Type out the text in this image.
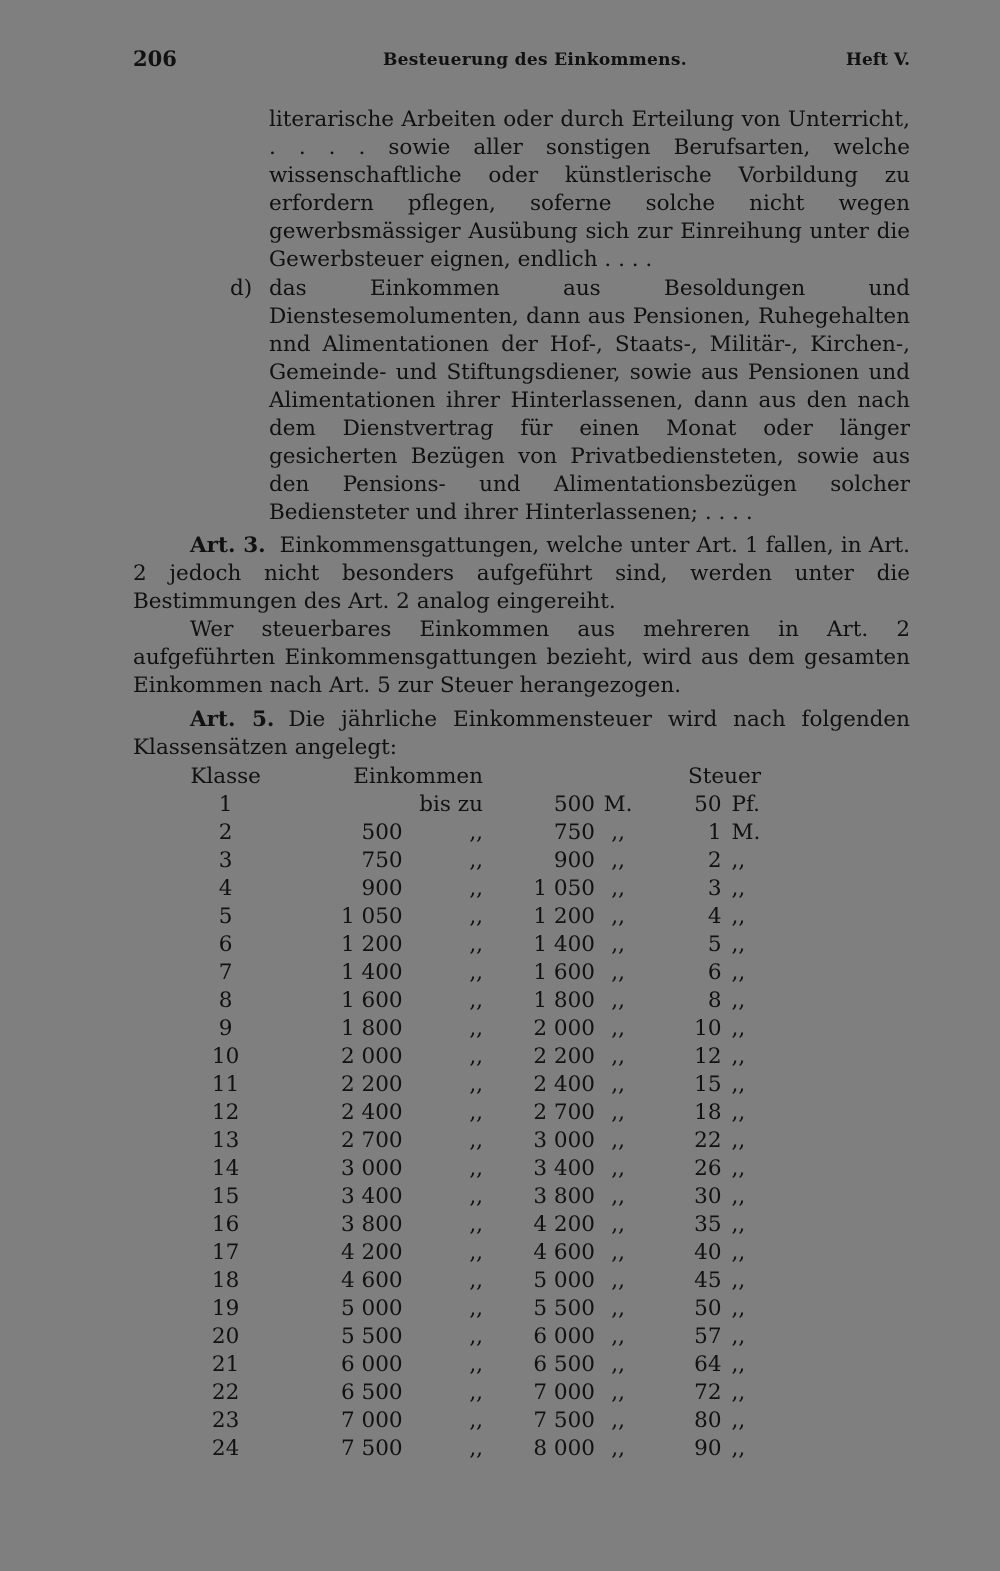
206	Besteuerung des Einkommens.	Heft V.
literarische Arbeiten oder durch Erteilung von Unterricht, . . . . sowie aller sonstigen Berufsarten, welche wissenschaftliche oder künstlerische Vorbildung zu erfordern pflegen, soferne solche nicht wegen gewerbsmässiger Ausübung sich zur Einreihung unter die Gewerbsteuer eignen, endlich . . . .
d) das Einkommen aus Besoldungen und Dienstesemolumenten, dann aus Pensionen, Ruhegehalten nnd Alimentationen der Hof-, Staats-, Militär-, Kirchen-, Gemeinde- und Stiftungsdiener, sowie aus Pensionen und Alimentationen ihrer Hinterlassenen, dann aus den nach dem Dienstvertrag für einen Monat oder länger gesicherten Bezügen von Privatbediensteten, sowie aus den Pensions- und Alimentationsbezügen solcher Bediensteter und ihrer Hinterlassenen; . . . .

Art. 3. Einkommensgattungen, welche unter Art. 1 fallen, in Art. 2 jedoch nicht besonders aufgeführt sind, werden unter die Bestimmungen des Art. 2 analog eingereiht.

Wer steuerbares Einkommen aus mehreren in Art. 2 aufgeführten Einkommensgattungen bezieht, wird aus dem gesamten Einkommen nach Art. 5 zur Steuer herangezogen.

Art. 5. Die jährliche Einkommensteuer wird nach folgenden Klassensätzen angelegt:

Klasse	Einkommen				Steuer	
1		bis zu	500	M.	50	Pf.
2	500	,,	750	,,	1	M.
3	750	,,	900	,,	2	,,
4	900	,,	1 050	,,	3	,,
5	1 050	,,	1 200	,,	4	,,
6	1 200	,,	1 400	,,	5	,,
7	1 400	,,	1 600	,,	6	,,
8	1 600	,,	1 800	,,	8	,,
9	1 800	,,	2 000	,,	10	,,
10	2 000	,,	2 200	,,	12	,,
11	2 200	,,	2 400	,,	15	,,
12	2 400	,,	2 700	,,	18	,,
13	2 700	,,	3 000	,,	22	,,
14	3 000	,,	3 400	,,	26	,,
15	3 400	,,	3 800	,,	30	,,
16	3 800	,,	4 200	,,	35	,,
17	4 200	,,	4 600	,,	40	,,
18	4 600	,,	5 000	,,	45	,,
19	5 000	,,	5 500	,,	50	,,
20	5 500	,,	6 000	,,	57	,,
21	6 000	,,	6 500	,,	64	,,
22	6 500	,,	7 000	,,	72	,,
23	7 000	,,	7 500	,,	80	,,
24	7 500	,,	8 000	,,	90	,,
